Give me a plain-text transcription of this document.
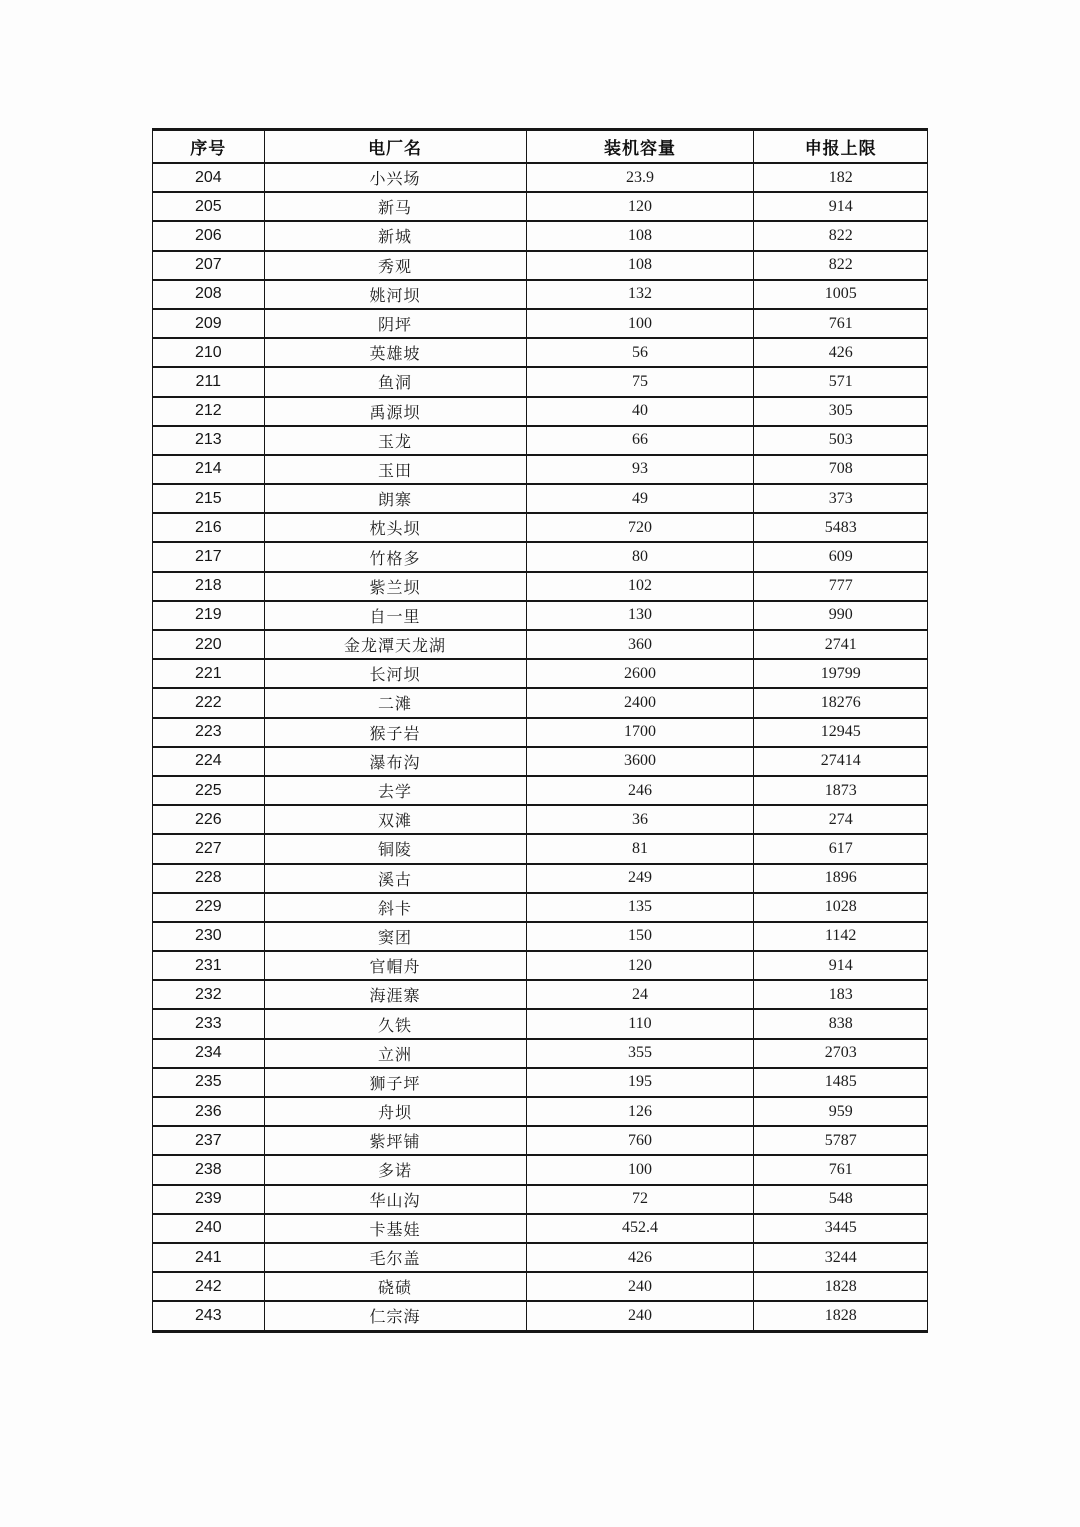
序号	电厂名	装机容量	申报上限
204	小兴场	23.9	182
205	新马	120	914
206	新城	108	822
207	秀观	108	822
208	姚河坝	132	1005
209	阴坪	100	761
210	英雄坡	56	426
211	鱼洞	75	571
212	禹源坝	40	305
213	玉龙	66	503
214	玉田	93	708
215	朗寨	49	373
216	枕头坝	720	5483
217	竹格多	80	609
218	紫兰坝	102	777
219	自一里	130	990
220	金龙潭天龙湖	360	2741
221	长河坝	2600	19799
222	二滩	2400	18276
223	猴子岩	1700	12945
224	瀑布沟	3600	27414
225	去学	246	1873
226	双滩	36	274
227	铜陵	81	617
228	溪古	249	1896
229	斜卡	135	1028
230	窦团	150	1142
231	官帽舟	120	914
232	海涯寨	24	183
233	久铁	110	838
234	立洲	355	2703
235	狮子坪	195	1485
236	舟坝	126	959
237	紫坪铺	760	5787
238	多诺	100	761
239	华山沟	72	548
240	卡基娃	452.4	3445
241	毛尔盖	426	3244
242	硗碛	240	1828
243	仁宗海	240	1828
